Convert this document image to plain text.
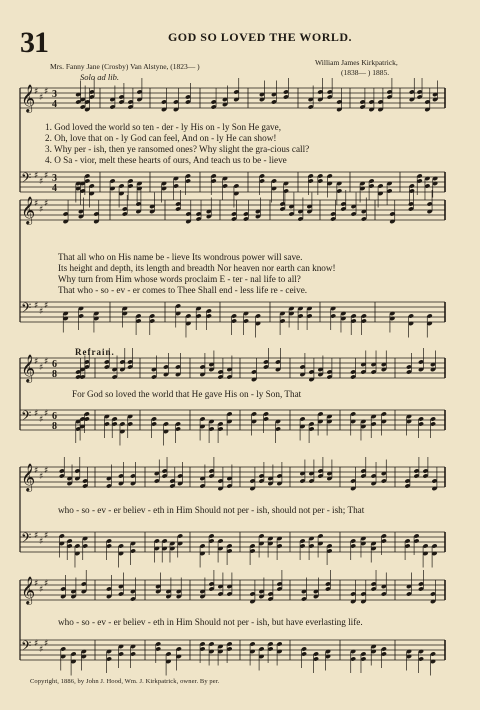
31	GOD SO LOVED THE WORLD.
Mrs. Fanny Jane (Crosby) Van Alstyne, (1823— )	William James Kirkpatrick,
(1838— ) 1885.
Solo ad lib.
♯
♯
♯
♯
♯
♯
𝄞
𝄢
3
4
3
4
♯
♯
♯
♯
♯
♯
𝄞
𝄢
♯
♯
♯
♯
♯
♯
𝄞
𝄢
6
8
6
8
♯
♯
♯
♯
♯
♯
𝄞
𝄢
♯
♯
♯
♯
♯
♯
𝄞
𝄢
1. God loved the world so ten - der - ly His on - ly Son He gave,
2. Oh, love that on - ly God can feel, And on - ly He can show!
3. Why per - ish, then ye ransomed ones? Why slight the gra-cious call?
4. O Sa - vior, melt these hearts of ours, And teach us to be - lieve
That all who on His name be - lieve Its wondrous power will save.
Its height and depth, its length and breadth Nor heaven nor earth can know!
Why turn from Him whose words proclaim E - ter - nal life to all?
That who - so - ev - er comes to Thee Shall end - less life re - ceive.
Refrain.
For God so loved the world that He gave His on - ly Son, That
who - so - ev - er believ - eth in Him Should not per - ish, should not per - ish; That
who - so - ev - er believ - eth in Him Should not per - ish, but have everlasting life.
Copyright, 1886, by John J. Hood, Wm. J. Kirkpatrick, owner. By per.
